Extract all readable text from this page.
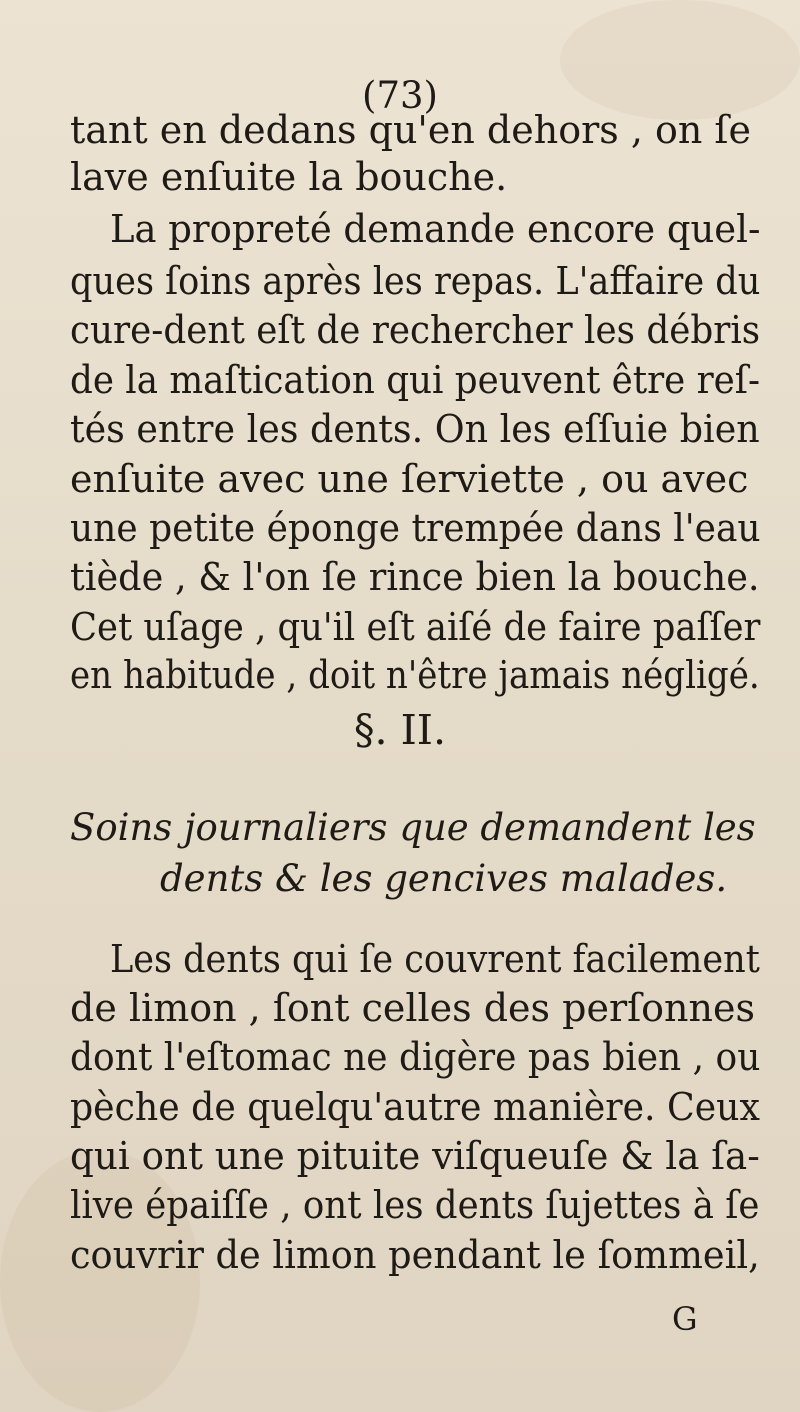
(73)
tant en dedans qu'en dehors , on ſe
lave enſuite la bouche.
La propreté demande encore quel-
ques ſoins après les repas. L'affaire du
cure-dent eſt de rechercher les débris
de la maſtication qui peuvent être reſ-
tés entre les dents. On les eſſuie bien
enſuite avec une ſerviette , ou avec
une petite éponge trempée dans l'eau
tiède , & l'on ſe rince bien la bouche.
Cet uſage , qu'il eſt aiſé de faire paſſer
en habitude , doit n'être jamais négligé.
§. II.
Soins journaliers que demandent les
dents & les gencives malades.
Les dents qui ſe couvrent facilement
de limon , ſont celles des perſonnes
dont l'eſtomac ne digère pas bien , ou
pèche de quelqu'autre manière. Ceux
qui ont une pituite viſqueuſe & la ſa-
live épaiſſe , ont les dents ſujettes à ſe
couvrir de limon pendant le ſommeil,
G
